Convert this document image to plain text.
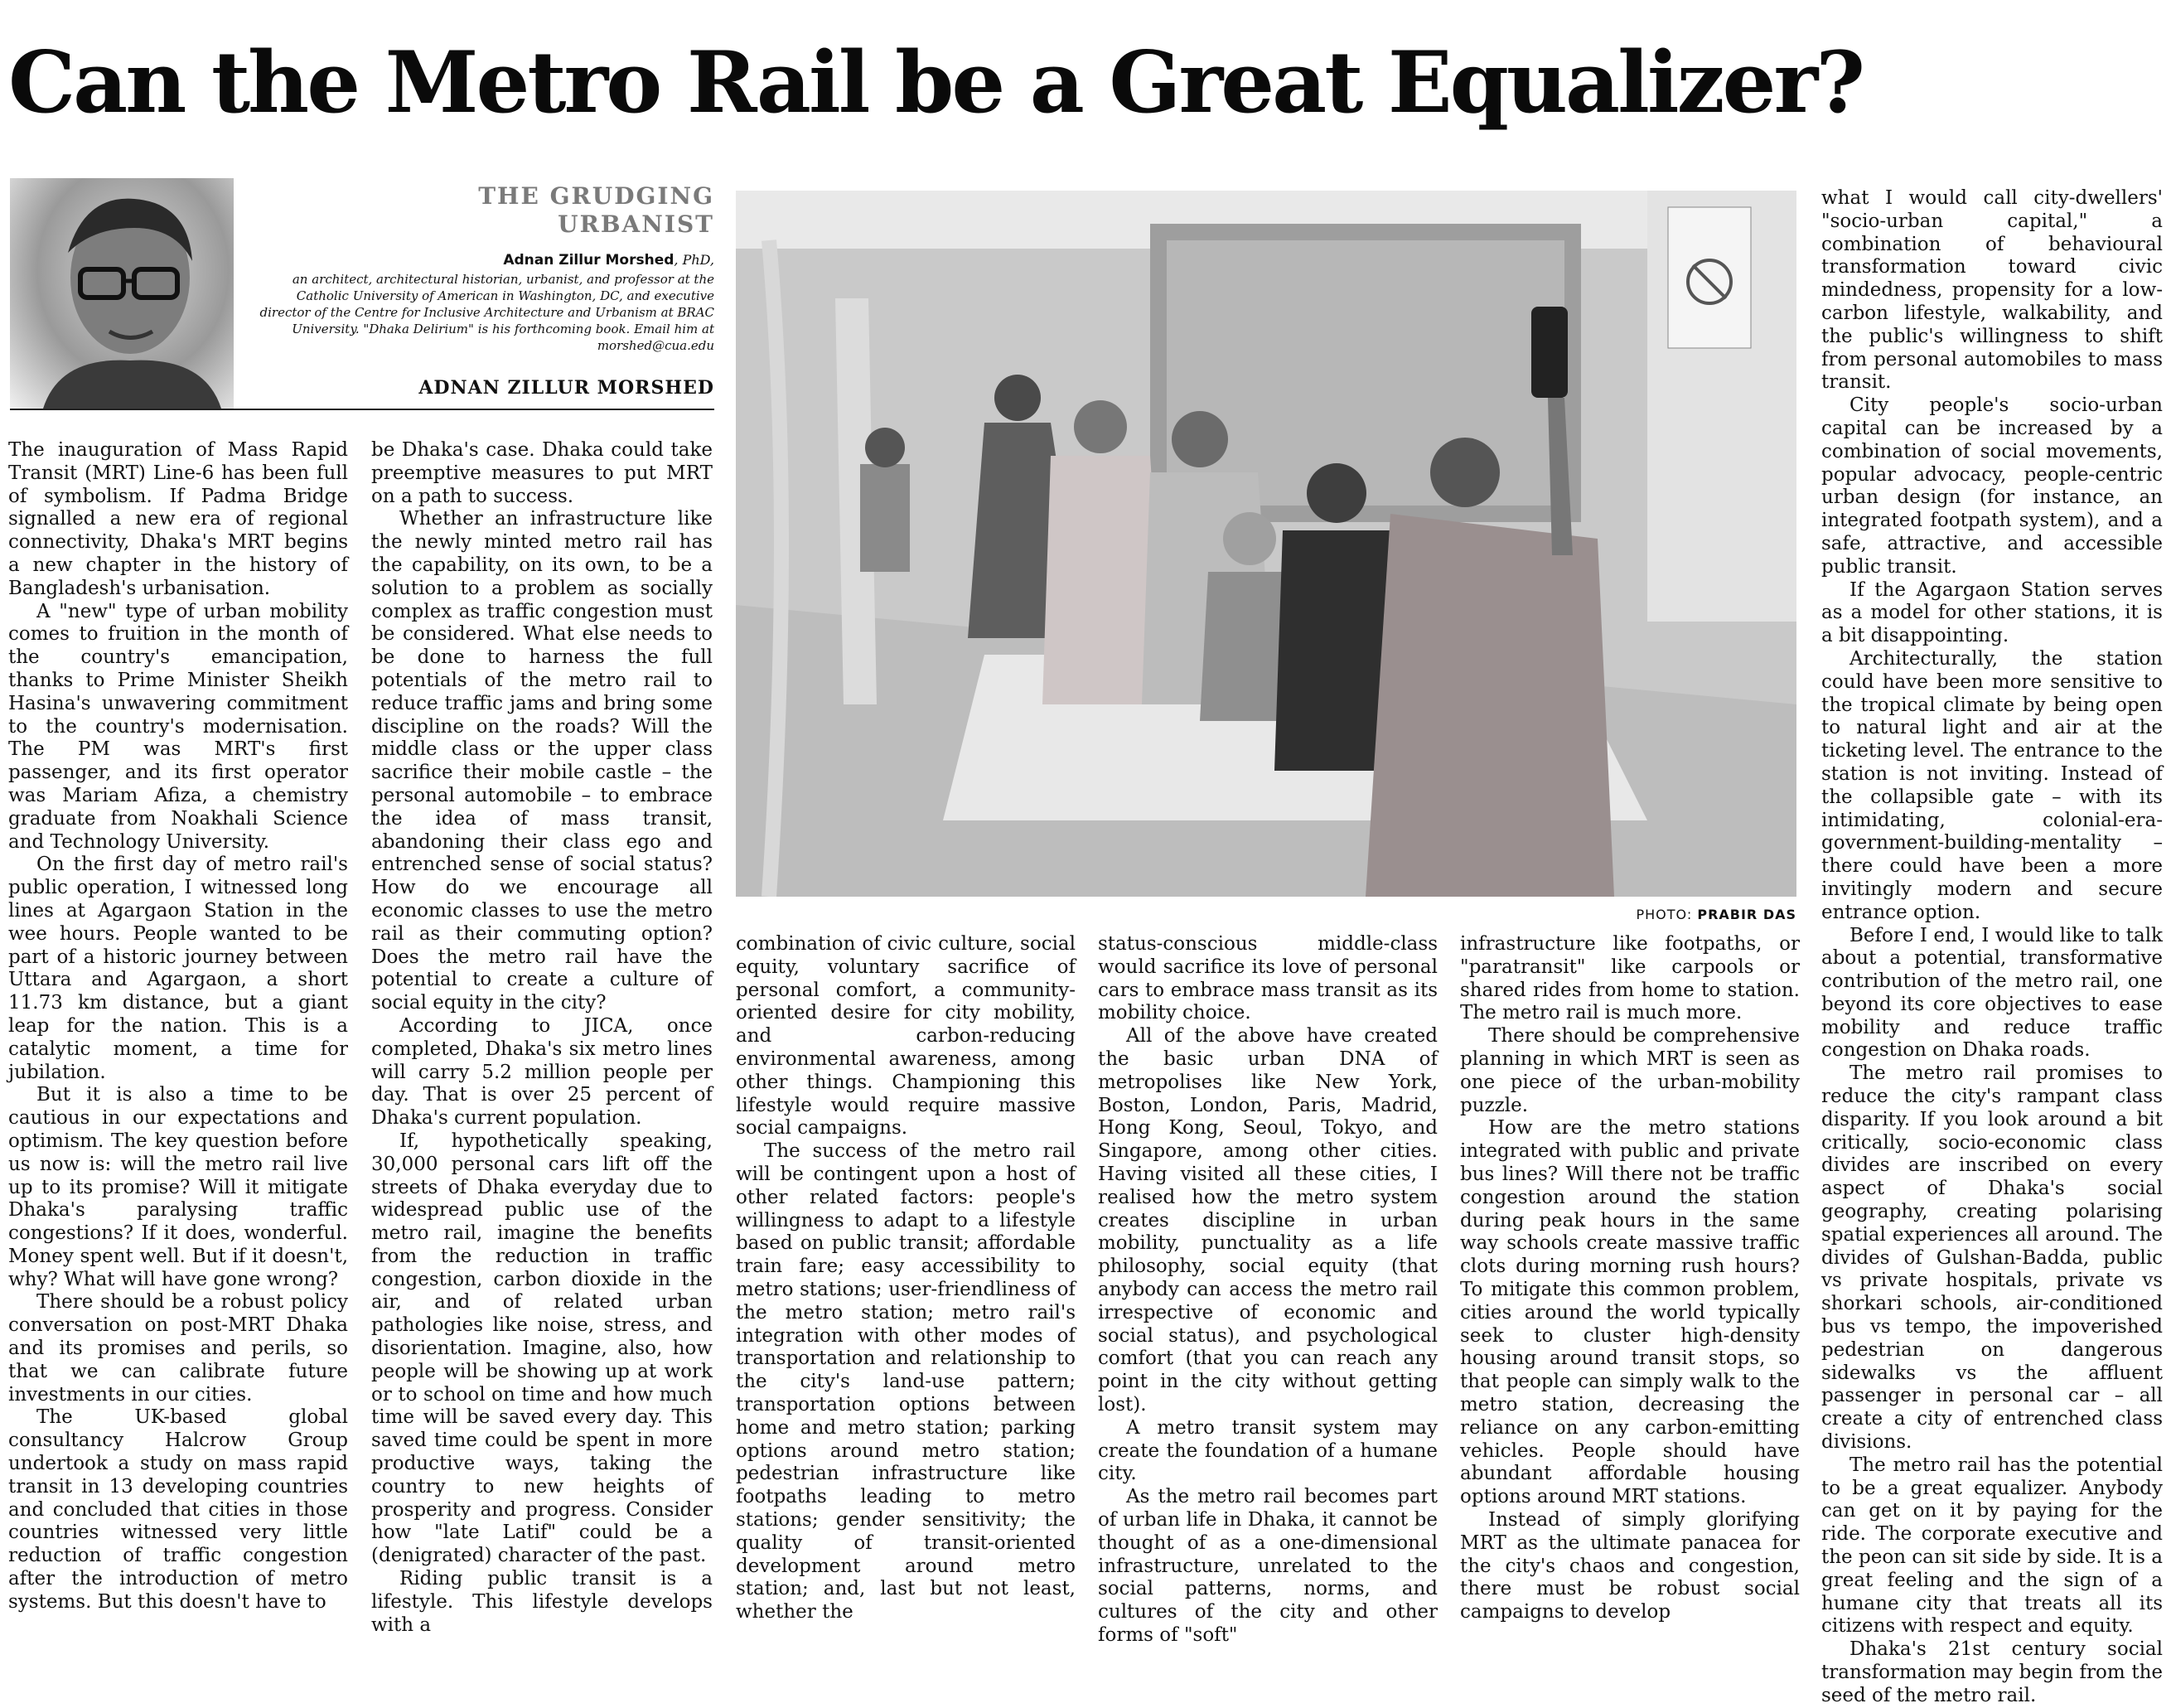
Can the Metro Rail be a Great Equalizer?
THE GRUDGING URBANIST
Adnan Zillur Morshed, PhD,
an architect, architectural historian, urbanist, and professor at the Catholic University of American in Washington, DC, and executive director of the Centre for Inclusive Architecture and Urbanism at BRAC University. "Dhaka Delirium" is his forthcoming book. Email him at morshed@cua.edu
ADNAN ZILLUR MORSHED
PHOTO: PRABIR DAS

The inauguration of Mass Rapid Transit (MRT) Line-6 has been full of symbolism. If Padma Bridge signalled a new era of regional connectivity, Dhaka's MRT begins a new chapter in the history of Bangladesh's urbanisation.

A "new" type of urban mobility comes to fruition in the month of the country's emancipation, thanks to Prime Minister Sheikh Hasina's unwavering commitment to the country's modernisation. The PM was MRT's first passenger, and its first operator was Mariam Afiza, a chemistry graduate from Noakhali Science and Technology University.

On the first day of metro rail's public operation, I witnessed long lines at Agargaon Station in the wee hours. People wanted to be part of a historic journey between Uttara and Agargaon, a short 11.73 km distance, but a giant leap for the nation. This is a catalytic moment, a time for jubilation.

But it is also a time to be cautious in our expectations and optimism. The key question before us now is: will the metro rail live up to its promise? Will it mitigate Dhaka's paralysing traffic congestions? If it does, wonderful. Money spent well. But if it doesn't, why? What will have gone wrong?

There should be a robust policy conversation on post-MRT Dhaka and its promises and perils, so that we can calibrate future investments in our cities.

The UK-based global consultancy Halcrow Group undertook a study on mass rapid transit in 13 developing countries and concluded that cities in those countries witnessed very little reduction of traffic congestion after the introduction of metro systems. But this doesn't have to

be Dhaka's case. Dhaka could take preemptive measures to put MRT on a path to success.

Whether an infrastructure like the newly minted metro rail has the capability, on its own, to be a solution to a problem as socially complex as traffic congestion must be considered. What else needs to be done to harness the full potentials of the metro rail to reduce traffic jams and bring some discipline on the roads? Will the middle class or the upper class sacrifice their mobile castle – the personal automobile – to embrace the idea of mass transit, abandoning their class ego and entrenched sense of social status? How do we encourage all economic classes to use the metro rail as their commuting option? Does the metro rail have the potential to create a culture of social equity in the city?

According to JICA, once completed, Dhaka's six metro lines will carry 5.2 million people per day. That is over 25 percent of Dhaka's current population.

If, hypothetically speaking, 30,000 personal cars lift off the streets of Dhaka everyday due to widespread public use of the metro rail, imagine the benefits from the reduction in traffic congestion, carbon dioxide in the air, and of related urban pathologies like noise, stress, and disorientation. Imagine, also, how people will be showing up at work or to school on time and how much time will be saved every day. This saved time could be spent in more productive ways, taking the country to new heights of prosperity and progress. Consider how "late Latif" could be a (denigrated) character of the past.

Riding public transit is a lifestyle. This lifestyle develops with a

combination of civic culture, social equity, voluntary sacrifice of personal comfort, a community-oriented desire for city mobility, and carbon-reducing environmental awareness, among other things. Championing this lifestyle would require massive social campaigns.

The success of the metro rail will be contingent upon a host of other related factors: people's willingness to adapt to a lifestyle based on public transit; affordable train fare; easy accessibility to metro stations; user-friendliness of the metro station; metro rail's integration with other modes of transportation and relationship to the city's land-use pattern; transportation options between home and metro station; parking options around metro station; pedestrian infrastructure like footpaths leading to metro stations; gender sensitivity; the quality of transit-oriented development around metro station; and, last but not least, whether the

status-conscious middle-class would sacrifice its love of personal cars to embrace mass transit as its mobility choice.

All of the above have created the basic urban DNA of metropolises like New York, Boston, London, Paris, Madrid, Hong Kong, Seoul, Tokyo, and Singapore, among other cities. Having visited all these cities, I realised how the metro system creates discipline in urban mobility, punctuality as a life philosophy, social equity (that anybody can access the metro rail irrespective of economic and social status), and psychological comfort (that you can reach any point in the city without getting lost).

A metro transit system may create the foundation of a humane city.

As the metro rail becomes part of urban life in Dhaka, it cannot be thought of as a one-dimensional infrastructure, unrelated to the social patterns, norms, and cultures of the city and other forms of "soft"

infrastructure like footpaths, or "paratransit" like carpools or shared rides from home to station. The metro rail is much more.

There should be comprehensive planning in which MRT is seen as one piece of the urban-mobility puzzle.

How are the metro stations integrated with public and private bus lines? Will there not be traffic congestion around the station during peak hours in the same way schools create massive traffic clots during morning rush hours? To mitigate this common problem, cities around the world typically seek to cluster high-density housing around transit stops, so that people can simply walk to the metro station, decreasing the reliance on any carbon-emitting vehicles. People should have abundant affordable housing options around MRT stations.

Instead of simply glorifying MRT as the ultimate panacea for the city's chaos and congestion, there must be robust social campaigns to develop

what I would call city-dwellers' "socio-urban capital," a combination of behavioural transformation toward civic mindedness, propensity for a low-carbon lifestyle, walkability, and the public's willingness to shift from personal automobiles to mass transit.

City people's socio-urban capital can be increased by a combination of social movements, popular advocacy, people-centric urban design (for instance, an integrated footpath system), and a safe, attractive, and accessible public transit.

If the Agargaon Station serves as a model for other stations, it is a bit disappointing.

Architecturally, the station could have been more sensitive to the tropical climate by being open to natural light and air at the ticketing level. The entrance to the station is not inviting. Instead of the collapsible gate – with its intimidating, colonial-era-government-building-mentality – there could have been a more invitingly modern and secure entrance option.

Before I end, I would like to talk about a potential, transformative contribution of the metro rail, one beyond its core objectives to ease mobility and reduce traffic congestion on Dhaka roads.

The metro rail promises to reduce the city's rampant class disparity. If you look around a bit critically, socio-economic class divides are inscribed on every aspect of Dhaka's social geography, creating polarising spatial experiences all around. The divides of Gulshan-Badda, public vs private hospitals, private vs shorkari schools, air-conditioned bus vs tempo, the impoverished pedestrian on dangerous sidewalks vs the affluent passenger in personal car – all create a city of entrenched class divisions.

The metro rail has the potential to be a great equalizer. Anybody can get on it by paying for the ride. The corporate executive and the peon can sit side by side. It is a great feeling and the sign of a humane city that treats all its citizens with respect and equity.

Dhaka's 21st century social transformation may begin from the seed of the metro rail.
